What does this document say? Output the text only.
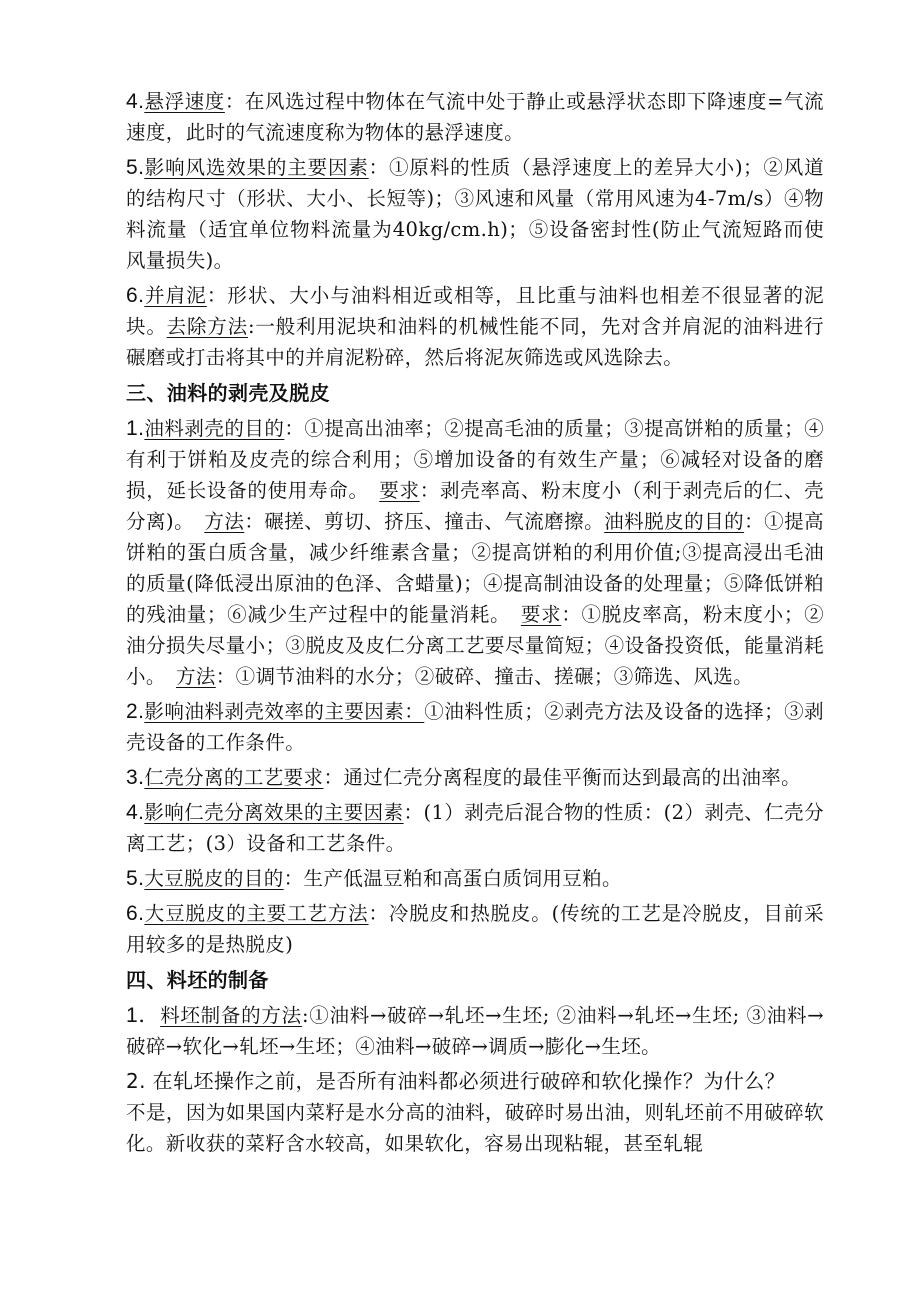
4.悬浮速度：在风选过程中物体在气流中处于静止或悬浮状态即下降速度=气流速度，此时的气流速度称为物体的悬浮速度。

5.影响风选效果的主要因素：①原料的性质（悬浮速度上的差异大小)；②风道的结构尺寸（形状、大小、长短等)；③风速和风量（常用风速为4-7m/s）④物料流量（适宜单位物料流量为40kg/cm.h)；⑤设备密封性(防止气流短路而使风量损失)。

6.并肩泥：形状、大小与油料相近或相等，且比重与油料也相差不很显著的泥块。去除方法:一般利用泥块和油料的机械性能不同，先对含并肩泥的油料进行碾磨或打击将其中的并肩泥粉碎，然后将泥灰筛选或风选除去。

三、油料的剥壳及脱皮

1.油料剥壳的目的：①提高出油率；②提高毛油的质量；③提高饼粕的质量；④有利于饼粕及皮壳的综合利用；⑤增加设备的有效生产量；⑥减轻对设备的磨损，延长设备的使用寿命。　 要求：剥壳率高、粉末度小（利于剥壳后的仁、壳分离)。　 方法：碾搓、剪切、挤压、撞击、气流磨擦。油料脱皮的目的：①提高饼粕的蛋白质含量，减少纤维素含量；②提高饼粕的利用价值;③提高浸出毛油的质量(降低浸出原油的色泽、含蜡量)；④提高制油设备的处理量；⑤降低饼粕的残油量；⑥减少生产过程中的能量消耗。　 要求：①脱皮率高，粉末度小；②油分损失尽量小；③脱皮及皮仁分离工艺要尽量简短；④设备投资低，能量消耗小。　 方法：①调节油料的水分；②破碎、撞击、搓碾；③筛选、风选。

2.影响油料剥壳效率的主要因素：①油料性质；②剥壳方法及设备的选择；③剥壳设备的工作条件。

3.仁壳分离的工艺要求：通过仁壳分离程度的最佳平衡而达到最高的出油率。

4.影响仁壳分离效果的主要因素：(1）剥壳后混合物的性质：(2）剥壳、仁壳分离工艺；(3）设备和工艺条件。

5.大豆脱皮的目的：生产低温豆粕和高蛋白质饲用豆粕。

6.大豆脱皮的主要工艺方法：冷脱皮和热脱皮。(传统的工艺是冷脱皮，目前采用较多的是热脱皮)

四、料坯的制备

1．料坯制备的方法:①油料→破碎→轧坯→生坯; ②油料→轧坯→生坯; ③油料→破碎→软化→轧坯→生坯；④油料→破碎→调质→膨化→生坯。

2. 在轧坯操作之前，是否所有油料都必须进行破碎和软化操作？为什么？
不是，因为如果国内菜籽是水分高的油料，破碎时易出油，则轧坯前不用破碎软化。新收获的菜籽含水较高，如果软化，容易出现粘辊，甚至轧辊
